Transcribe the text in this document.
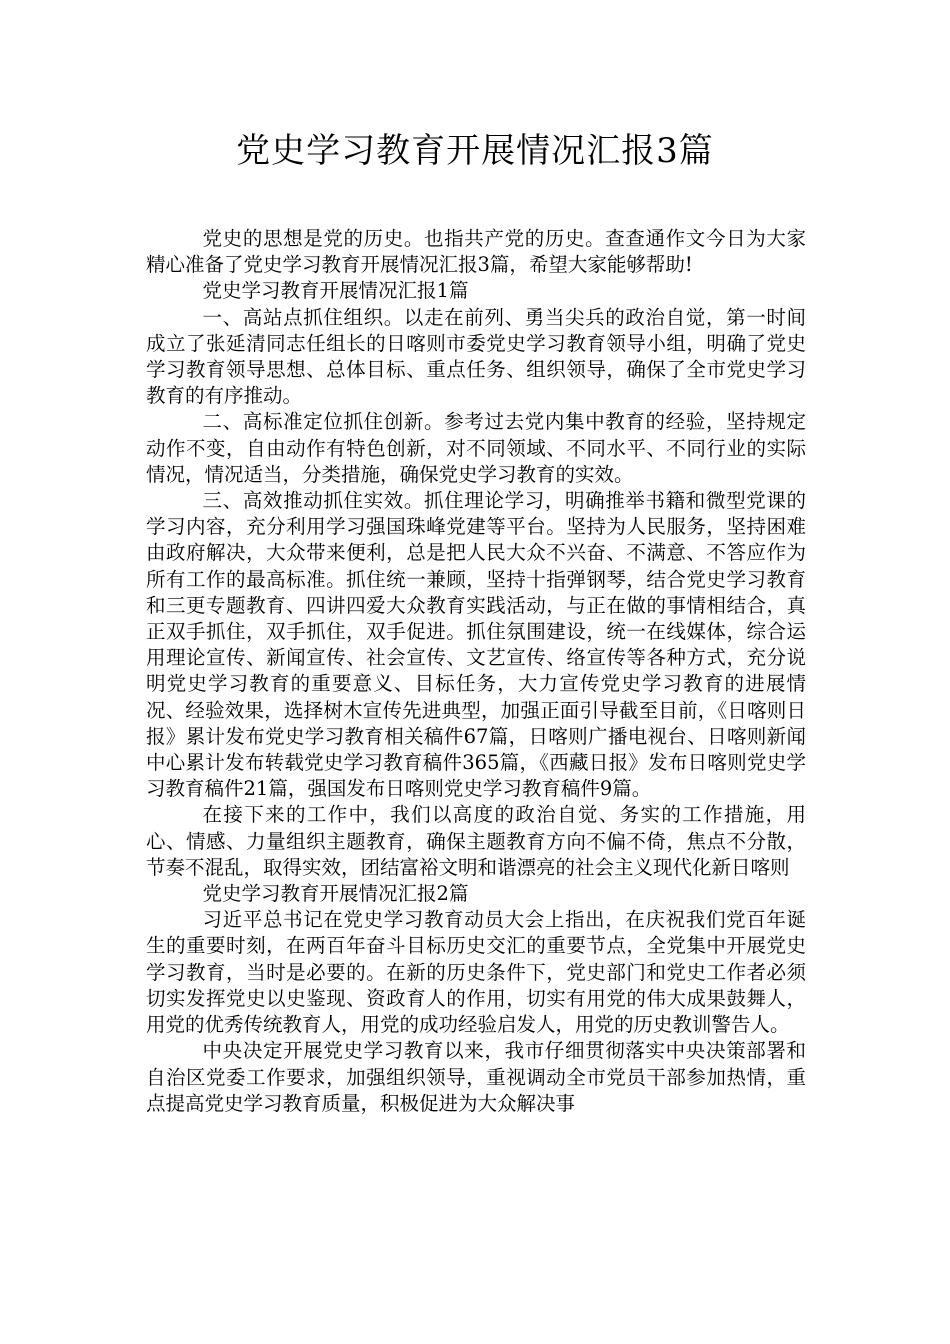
党史学习教育开展情况汇报3篇

党史的思想是党的历史。也指共产党的历史。查查通作文今日为大家精心准备了党史学习教育开展情况汇报3篇，希望大家能够帮助!

党史学习教育开展情况汇报1篇

一、高站点抓住组织。以走在前列、勇当尖兵的政治自觉，第一时间成立了张延清同志任组长的日喀则市委党史学习教育领导小组，明确了党史学习教育领导思想、总体目标、重点任务、组织领导，确保了全市党史学习教育的有序推动。

二、高标准定位抓住创新。参考过去党内集中教育的经验，坚持规定动作不变，自由动作有特色创新，对不同领域、不同水平、不同行业的实际情况，情况适当，分类措施，确保党史学习教育的实效。

三、高效推动抓住实效。抓住理论学习，明确推举书籍和微型党课的学习内容，充分利用学习强国珠峰党建等平台。坚持为人民服务，坚持困难由政府解决，大众带来便利，总是把人民大众不兴奋、不满意、不答应作为所有工作的最高标准。抓住统一兼顾，坚持十指弹钢琴，结合党史学习教育和三更专题教育、四讲四爱大众教育实践活动，与正在做的事情相结合，真正双手抓住，双手抓住，双手促进。抓住氛围建设，统一在线媒体，综合运用理论宣传、新闻宣传、社会宣传、文艺宣传、络宣传等各种方式，充分说明党史学习教育的重要意义、目标任务，大力宣传党史学习教育的进展情况、经验效果，选择树木宣传先进典型，加强正面引导截至目前，《日喀则日报》累计发布党史学习教育相关稿件67篇，日喀则广播电视台、日喀则新闻中心累计发布转载党史学习教育稿件365篇，《西藏日报》发布日喀则党史学习教育稿件21篇，强国发布日喀则党史学习教育稿件9篇。

在接下来的工作中，我们以高度的政治自觉、务实的工作措施，用心、情感、力量组织主题教育，确保主题教育方向不偏不倚，焦点不分散，节奏不混乱，取得实效，团结富裕文明和谐漂亮的社会主义现代化新日喀则

党史学习教育开展情况汇报2篇

习近平总书记在党史学习教育动员大会上指出，在庆祝我们党百年诞生的重要时刻，在两百年奋斗目标历史交汇的重要节点，全党集中开展党史学习教育，当时是必要的。在新的历史条件下，党史部门和党史工作者必须切实发挥党史以史鉴现、资政育人的作用，切实有用党的伟大成果鼓舞人，用党的优秀传统教育人，用党的成功经验启发人，用党的历史教训警告人。

中央决定开展党史学习教育以来，我市仔细贯彻落实中央决策部署和自治区党委工作要求，加强组织领导，重视调动全市党员干部参加热情，重点提高党史学习教育质量，积极促进为大众解决事
